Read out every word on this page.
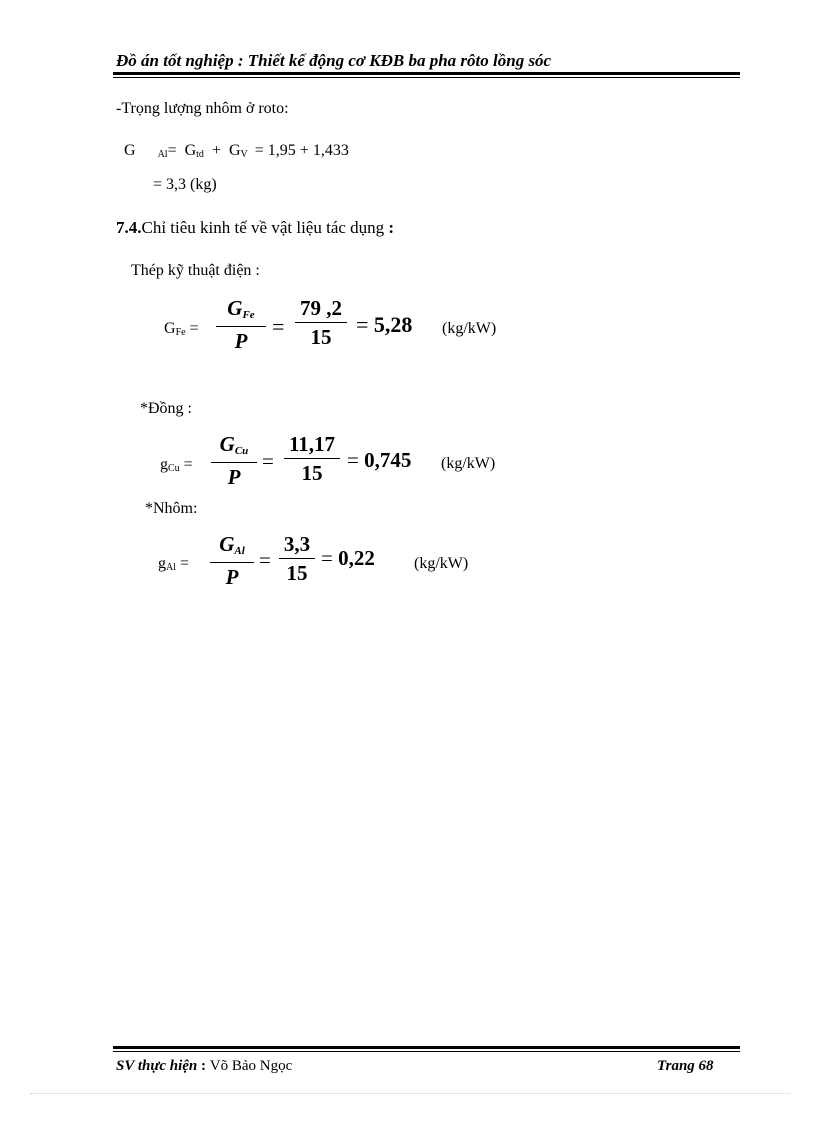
Đồ án tốt nghiệp : Thiết kế động cơ KĐB ba pha rôto lồng sóc
-Trọng lượng nhôm ở roto:
G Al= Gtd + GV = 1,95 + 1,433
= 3,3 (kg)
7.4.Chỉ tiêu kinh tế về vật liệu tác dụng :
Thép kỹ thuật điện :
GFe =
GFe
P
=
79 ,2
15	= 5,28 (kg/kW)
*Đồng :
gCu =
GCu
P
=
11,17
15
= 0,745 (kg/kW)
*Nhôm:
gAl =
GAl
P
=
3,3
15
= 0,22 (kg/kW)
SV thực hiện : Võ Bảo Ngọc	Trang 68
